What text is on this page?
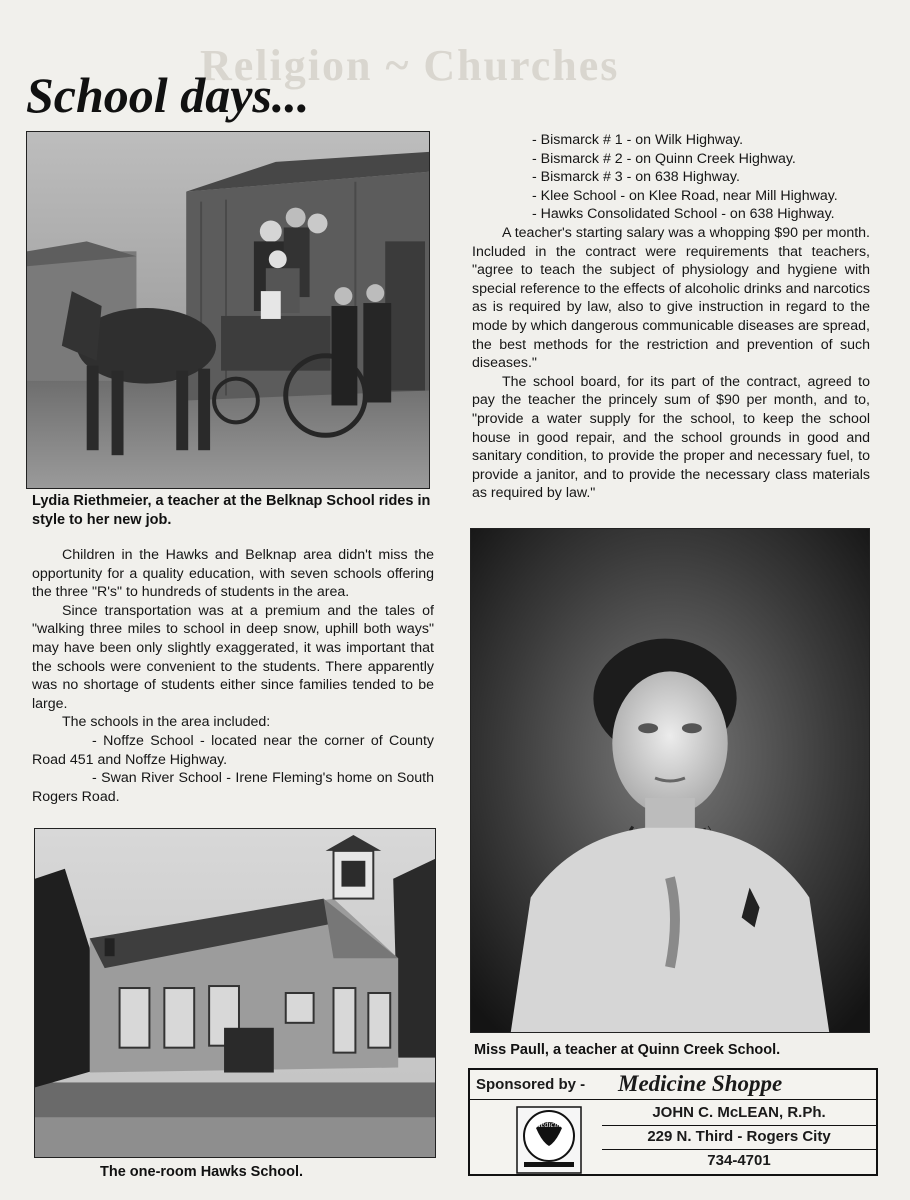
Religion ~ Churches
School days...
Lydia Riethmeier, a teacher at the Belknap School rides in style to her new job.

Children in the Hawks and Belknap area didn't miss the opportunity for a quality education, with seven schools offering the three "R's" to hundreds of students in the area.

Since transportation was at a premium and the tales of "walking three miles to school in deep snow, uphill both ways" may have been only slightly exaggerated, it was important that the schools were convenient to the students. There apparently was no shortage of students either since families tended to be large.

The schools in the area included:

- Noffze School - located near the corner of County Road 451 and Noffze Highway.
- Swan River School - Irene Fleming's home on South Rogers Road.

The one-room Hawks School.

- Bismarck # 1 - on Wilk Highway.
- Bismarck # 2 - on Quinn Creek Highway.
- Bismarck # 3 - on 638 Highway.
- Klee School - on Klee Road, near Mill Highway.
- Hawks Consolidated School - on 638 Highway.

A teacher's starting salary was a whopping $90 per month. Included in the contract were requirements that teachers, "agree to teach the subject of physiology and hygiene with special reference to the effects of alcoholic drinks and narcotics as is required by law, also to give instruction in regard to the mode by which dangerous communicable diseases are spread, the best methods for the restriction and prevention of such diseases."

The school board, for its part of the contract, agreed to pay the teacher the princely sum of $90 per month, and to, "provide a water supply for the school, to keep the school house in good repair, and the school grounds in good and sanitary condition, to provide the proper and necessary fuel, to provide a janitor, and to provide the necessary class materials as required by law."

Miss Paull, a teacher at Quinn Creek School.
Sponsored by - Medicine Shoppe
Medicine
JOHN C. McLEAN, R.Ph.
229 N. Third - Rogers City
734-4701
